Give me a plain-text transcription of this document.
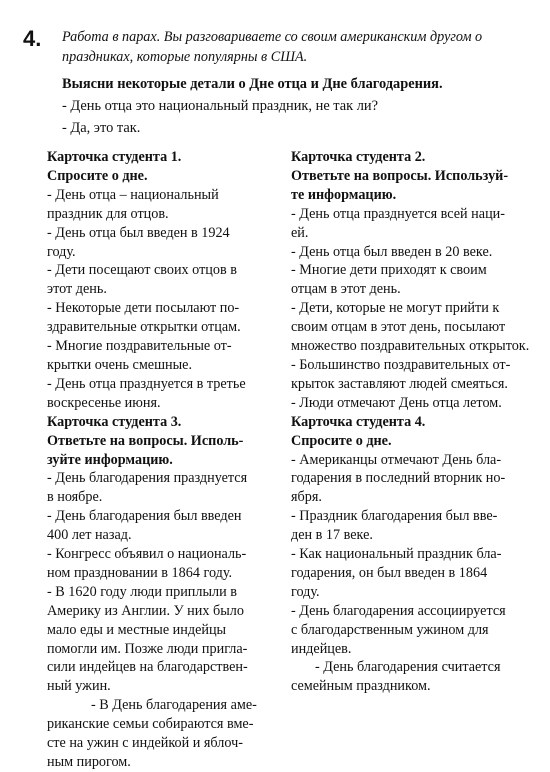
4. Работа в парах. Вы разговариваете со своим американским другом о праздниках, которые популярны в США.
Выясни некоторые детали о Дне отца и Дне благодарения.

- День отца это национальный праздник, не так ли?

- Да, это так.

Карточка студента 1.

Спросите о дне.

- День отца – национальный

праздник для отцов.

- День отца был введен в 1924

году.

- Дети посещают своих отцов в

этот день.

- Некоторые дети посылают по-

здравительные открытки отцам.

- Многие поздравительные от-

крытки очень смешные.

- День отца празднуется в третье

воскресенье июня.

Карточка студента 3.

Ответьте на вопросы. Исполь-

зуйте информацию.

- День благодарения празднуется

в ноябре.

- День благодарения был введен

400 лет назад.

- Конгресс объявил о националь-

ном праздновании в 1864 году.

- В 1620 году люди приплыли в

Америку из Англии. У них было

мало еды и местные индейцы

помогли им. Позже люди пригла-

сили индейцев на благодарствен-

ный ужин.

- В День благодарения аме-

риканские семьи собираются вме-

сте на ужин с индейкой и яблоч-

ным пирогом.

Карточка студента 2.

Ответьте на вопросы. Используй-

те информацию.

- День отца празднуется всей наци-

ей.

- День отца был введен в 20 веке.

- Многие дети приходят к своим

отцам в этот день.

- Дети, которые не могут прийти к

своим отцам в этот день, посылают

множество поздравительных открыток.

- Большинство поздравительных от-

крыток заставляют людей смеяться.

- Люди отмечают День отца летом.

Карточка студента 4.

Спросите о дне.

- Американцы отмечают День бла-

годарения в последний вторник но-

ября.

- Праздник благодарения был вве-

ден в 17 веке.

- Как национальный праздник бла-

годарения, он был введен в 1864

году.

- День благодарения ассоциируется

с благодарственным ужином для

индейцев.

- День благодарения считается

семейным праздником.
